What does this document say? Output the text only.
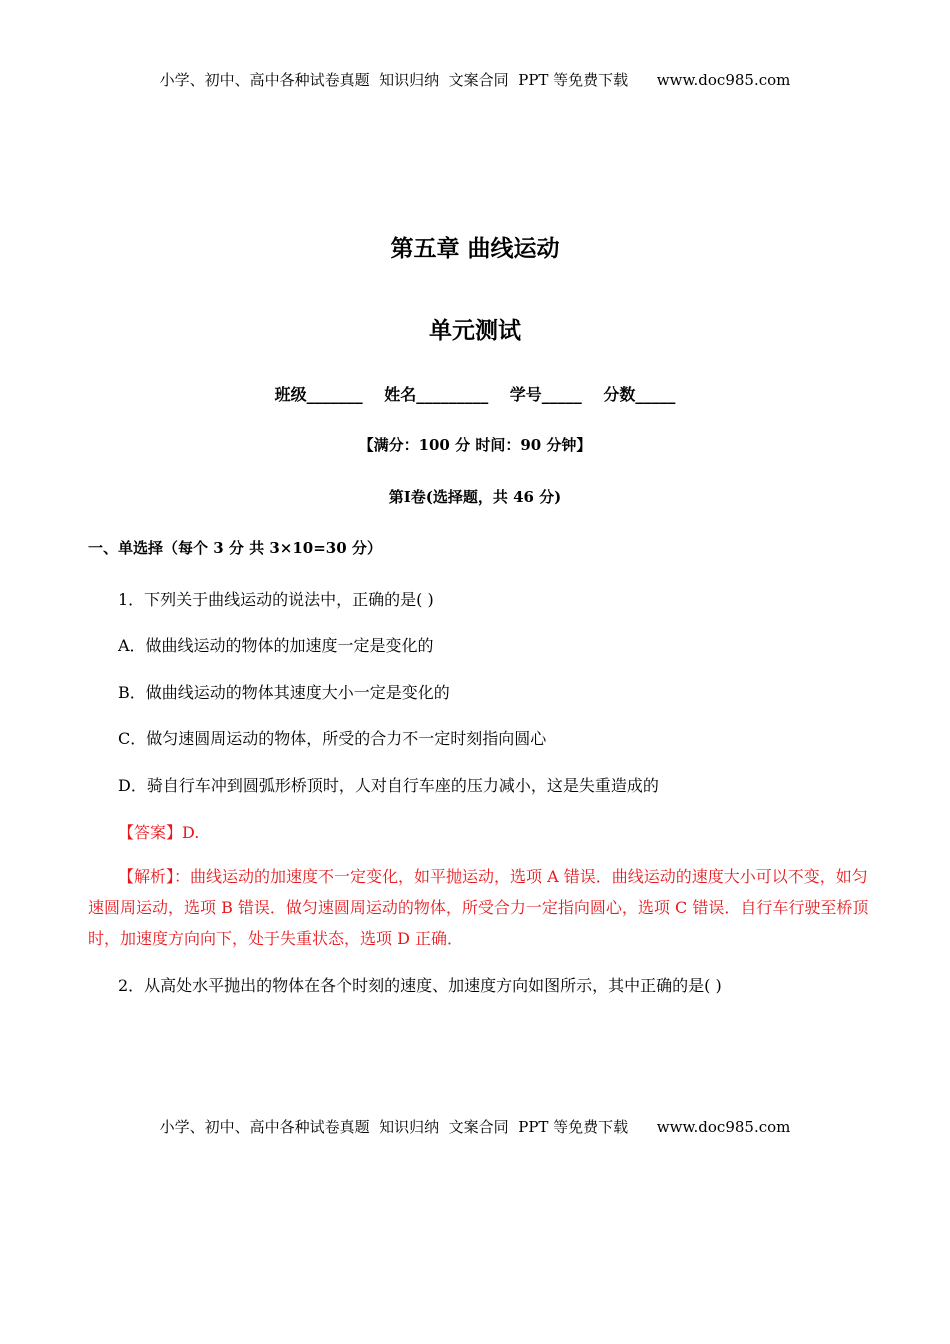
小学、初中、高中各种试卷真题  知识归纳  文案合同  PPT 等免费下载      www.doc985.com
第五章 曲线运动
单元测试
班级_______ 姓名_________ 学号_____ 分数_____
【满分：100 分 时间：90 分钟】
第Ⅰ卷(选择题，共 46 分)
一、单选择（每个 3 分 共 3×10=30 分）
1．下列关于曲线运动的说法中，正确的是( )
A．做曲线运动的物体的加速度一定是变化的
B．做曲线运动的物体其速度大小一定是变化的
C．做匀速圆周运动的物体，所受的合力不一定时刻指向圆心
D．骑自行车冲到圆弧形桥顶时，人对自行车座的压力减小，这是失重造成的
【答案】D.
【解析】：曲线运动的加速度不一定变化，如平抛运动，选项 A 错误．曲线运动的速度大小可以不变，如匀速圆周运动，选项 B 错误．做匀速圆周运动的物体，所受合力一定指向圆心，选项 C 错误．自行车行驶至桥顶时，加速度方向向下，处于失重状态，选项 D 正确．
2．从高处水平抛出的物体在各个时刻的速度、加速度方向如图所示，其中正确的是( )
小学、初中、高中各种试卷真题  知识归纳  文案合同  PPT 等免费下载      www.doc985.com
